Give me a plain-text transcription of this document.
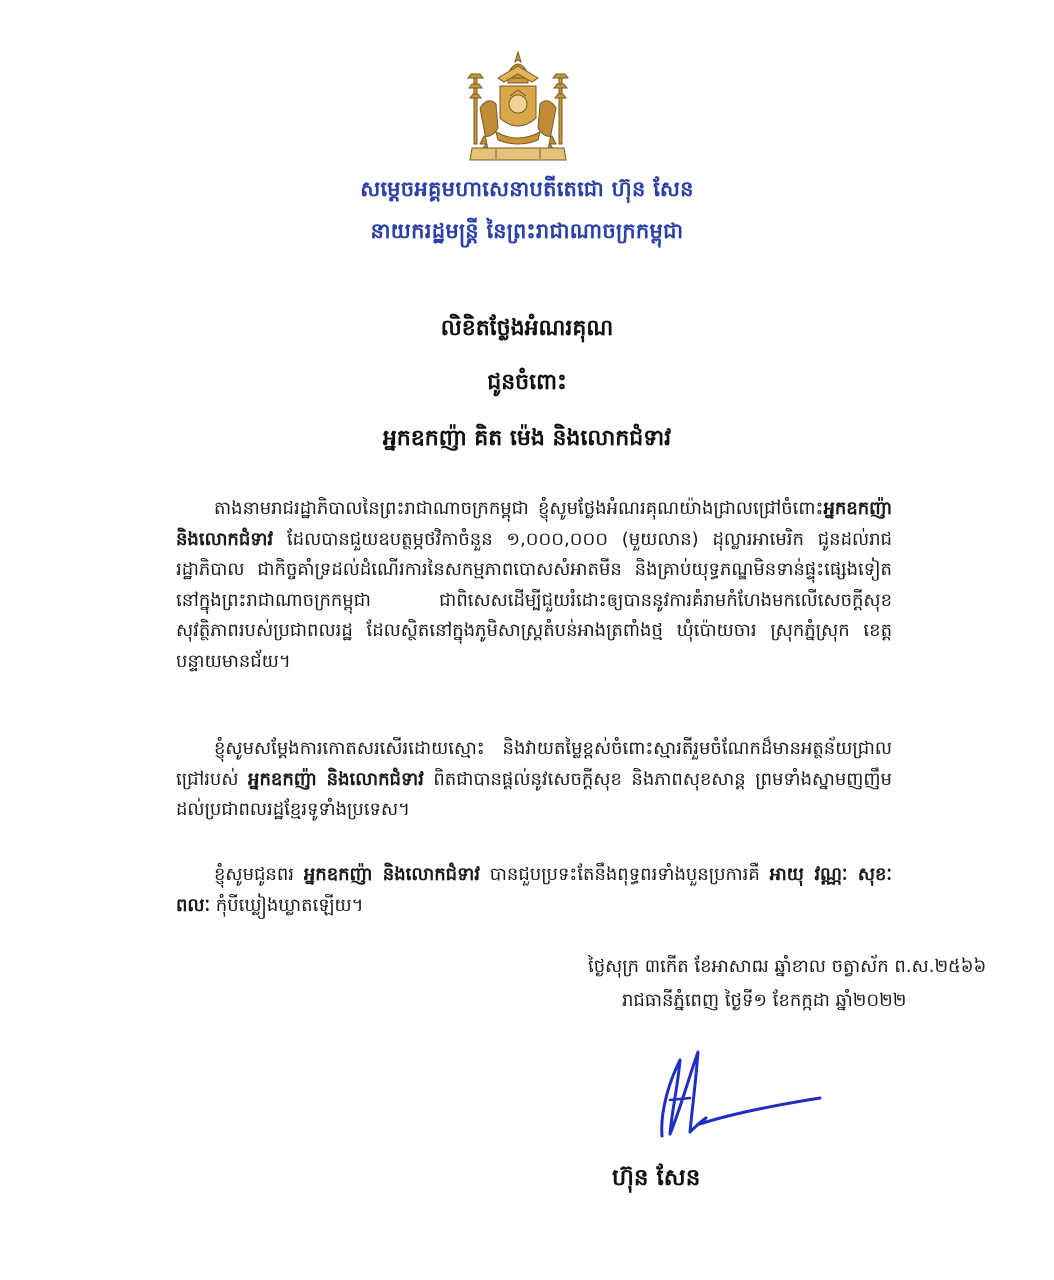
សម្ដេចអគ្គមហាសេនាបតីតេជោ ហ៊ុន សែន
នាយករដ្ឋមន្ត្រី នៃព្រះរាជាណាចក្រកម្ពុជា
លិខិតថ្លែងអំណរគុណ
ជូនចំពោះ
អ្នកឧកញ៉ា គិត ម៉េង និងលោកជំទាវ

តាងនាមរាជរដ្ឋាភិបាលនៃព្រះរាជាណាចក្រកម្ពុជា ខ្ញុំសូមថ្លែងអំណរគុណយ៉ាងជ្រាលជ្រៅចំពោះអ្នកឧកញ៉ា និងលោកជំទាវ ដែលបានជួយឧបត្ថម្ភថវិកាចំនួន ១,០០០,០០០ (មួយលាន) ដុល្លារអាមេរិក ជូនដល់រាជរដ្ឋាភិបាល ជាកិច្ចគាំទ្រដល់ដំណើរការនៃសកម្មភាពបោសសំអាតមីន និងគ្រាប់យុទ្ធភណ្ឌមិនទាន់ផ្ទុះផ្សេងទៀតនៅក្នុងព្រះរាជាណាចក្រកម្ពុជា ជាពិសេសដើម្បីជួយរំដោះឲ្យបាននូវការគំរាមកំហែងមកលើសេចក្ដីសុខសុវត្ថិភាពរបស់ប្រជាពលរដ្ឋ ដែលស្ថិតនៅក្នុងភូមិសាស្ត្រតំបន់អាងត្រពាំងថ្ម ឃុំប៉ោយចារ ស្រុកភ្នំស្រុក ខេត្តបន្ទាយមានជ័យ។

ខ្ញុំសូមសម្ដែងការកោតសរសើរដោយស្មោះ និងវាយតម្លៃខ្ពស់ចំពោះស្មារតីរួមចំណែកដ៏មានអត្ថន័យជ្រាលជ្រៅរបស់ អ្នកឧកញ៉ា និងលោកជំទាវ ពិតជាបានផ្ដល់នូវសេចក្ដីសុខ និងភាពសុខសាន្ត ព្រមទាំងស្នាមញញឹមដល់ប្រជាពលរដ្ឋខ្មែរទូទាំងប្រទេស។

ខ្ញុំសូមជូនពរ អ្នកឧកញ៉ា និងលោកជំទាវ បានជួបប្រទះតែនឹងពុទ្ធពរទាំងបួនប្រការគឺ អាយុ វណ្ណៈ សុខៈ ពលៈ កុំបីឃ្លៀងឃ្លាតឡើយ។

ថ្ងៃសុក្រ ៣កើត ខែអាសាឍ ឆ្នាំខាល ចត្វាស័ក ព.ស.២៥៦៦
រាជធានីភ្នំពេញ ថ្ងៃទី១ ខែកក្កដា ឆ្នាំ២០២២
ហ៊ុន សែន
